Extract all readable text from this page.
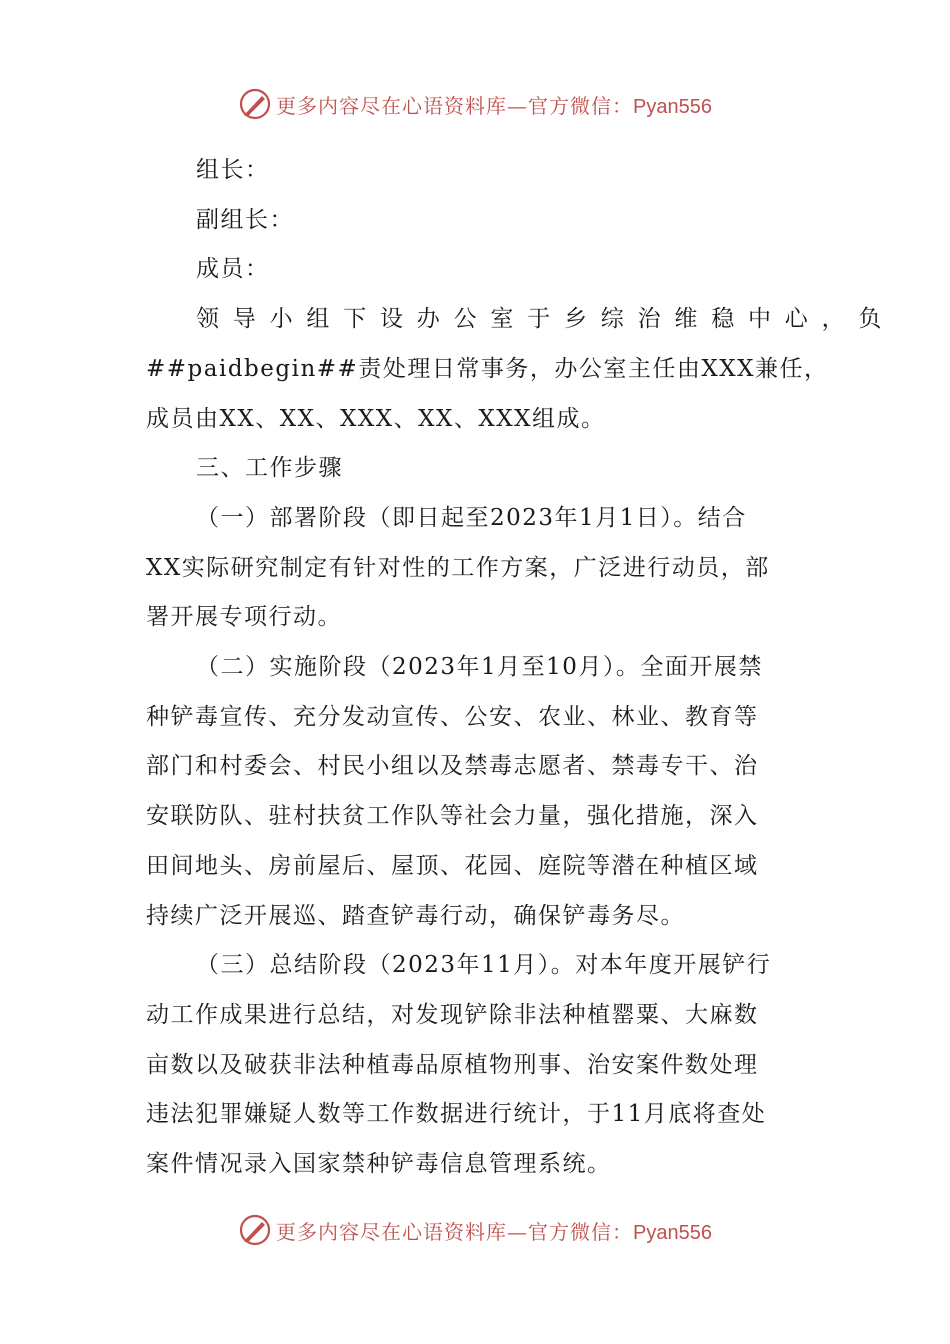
更多内容尽在心语资料库—官方微信：Pyan556

组长：

副组长：

成员：

领导小组下设办公室于乡综治维稳中心，负

##paidbegin##责处理日常事务，办公室主任由XXX兼任，

成员由XX、XX、XXX、XX、XXX组成。

三、工作步骤

（一）部署阶段（即日起至2023年1月1日）。结合

XX实际研究制定有针对性的工作方案，广泛进行动员，部

署开展专项行动。

（二）实施阶段（2023年1月至10月）。全面开展禁

种铲毒宣传、充分发动宣传、公安、农业、林业、教育等

部门和村委会、村民小组以及禁毒志愿者、禁毒专干、治

安联防队、驻村扶贫工作队等社会力量，强化措施，深入

田间地头、房前屋后、屋顶、花园、庭院等潜在种植区域

持续广泛开展巡、踏查铲毒行动，确保铲毒务尽。

（三）总结阶段（2023年11月）。对本年度开展铲行

动工作成果进行总结，对发现铲除非法种植罂粟、大麻数

亩数以及破获非法种植毒品原植物刑事、治安案件数处理

违法犯罪嫌疑人数等工作数据进行统计，于11月底将查处

案件情况录入国家禁种铲毒信息管理系统。

更多内容尽在心语资料库—官方微信：Pyan556
